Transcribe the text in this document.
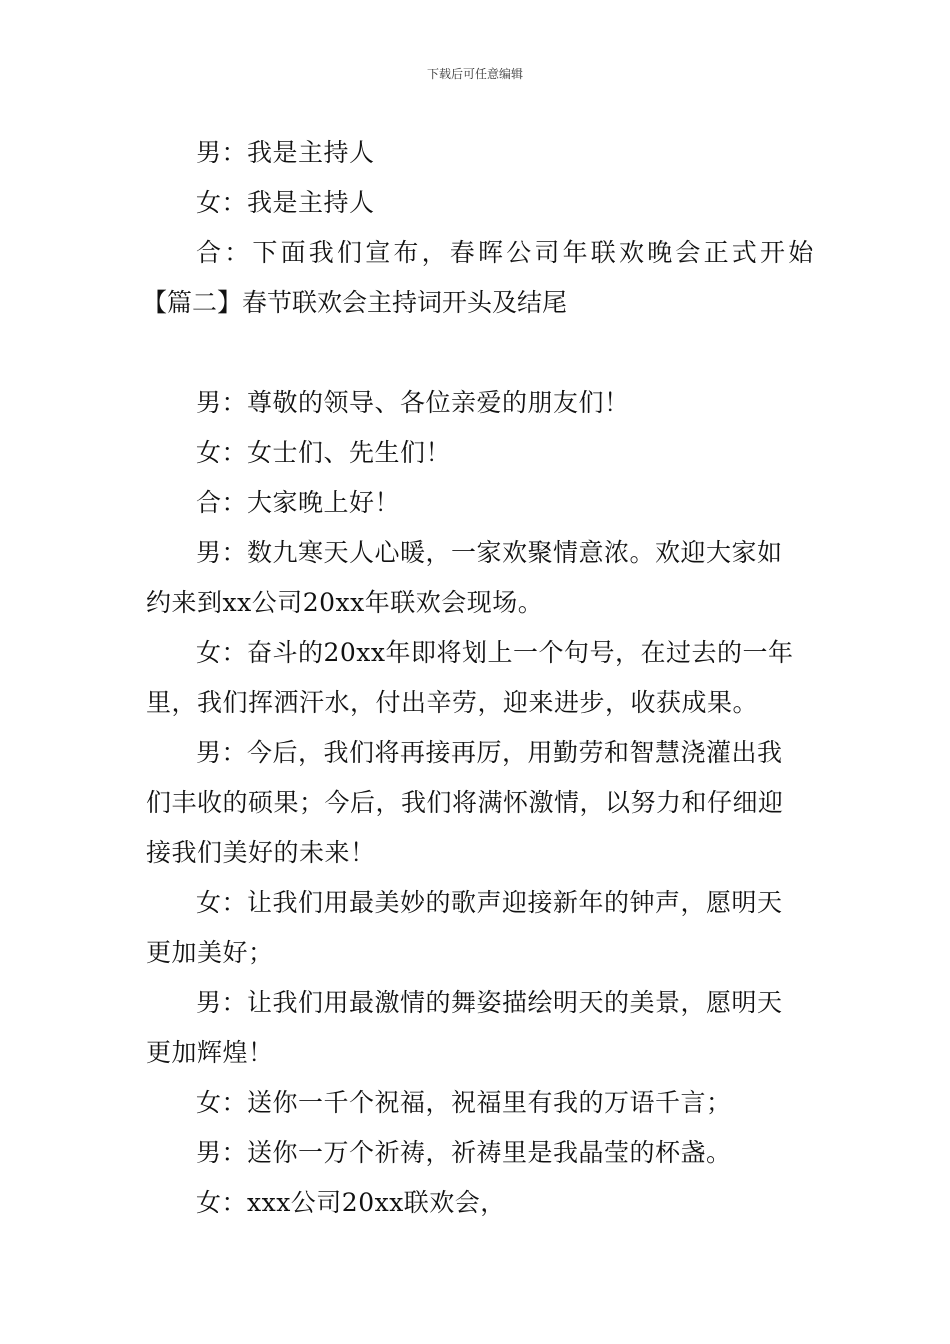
下载后可任意编辑

男：我是主持人

女：我是主持人

合：下面我们宣布，春晖公司年联欢晚会正式开始

【篇二】春节联欢会主持词开头及结尾

男：尊敬的领导、各位亲爱的朋友们！

女：女士们、先生们！

合：大家晚上好！

男：数九寒天人心暖，一家欢聚情意浓。欢迎大家如

约来到xx公司20xx年联欢会现场。

女：奋斗的20xx年即将划上一个句号，在过去的一年

里，我们挥洒汗水，付出辛劳，迎来进步，收获成果。

男：今后，我们将再接再厉，用勤劳和智慧浇灌出我

们丰收的硕果；今后，我们将满怀激情，以努力和仔细迎

接我们美好的未来！

女：让我们用最美妙的歌声迎接新年的钟声，愿明天

更加美好；

男：让我们用最激情的舞姿描绘明天的美景，愿明天

更加辉煌！

女：送你一千个祝福，祝福里有我的万语千言；

男：送你一万个祈祷，祈祷里是我晶莹的杯盏。

女：xxx公司20xx联欢会，
